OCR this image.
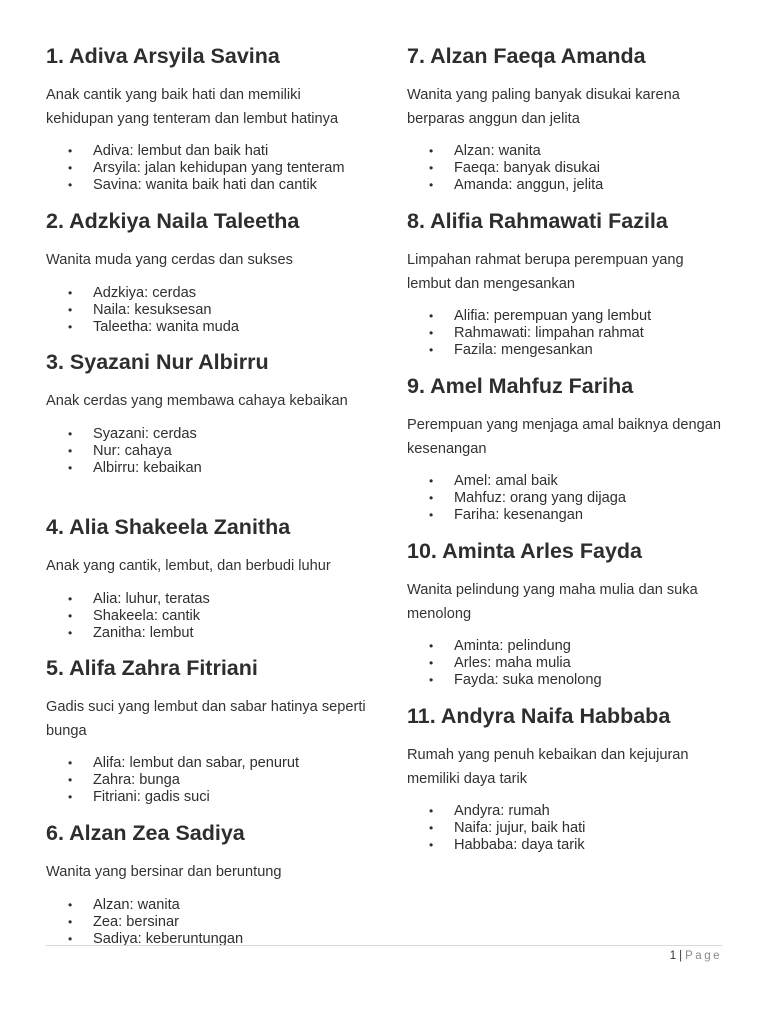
1. Adiva Arsyila Savina

Anak cantik yang baik hati dan memiliki kehidupan yang tenteram dan lembut hatinya

• Adiva: lembut dan baik hati
• Arsyila: jalan kehidupan yang tenteram
• Savina: wanita baik hati dan cantik
2. Adzkiya Naila Taleetha

Wanita muda yang cerdas dan sukses

• Adzkiya: cerdas
• Naila: kesuksesan
• Taleetha: wanita muda
3. Syazani Nur Albirru

Anak cerdas yang membawa cahaya kebaikan

• Syazani: cerdas
• Nur: cahaya
• Albirru: kebaikan
4. Alia Shakeela Zanitha

Anak yang cantik, lembut, dan berbudi luhur

• Alia: luhur, teratas
• Shakeela: cantik
• Zanitha: lembut
5. Alifa Zahra Fitriani

Gadis suci yang lembut dan sabar hatinya seperti bunga

• Alifa: lembut dan sabar, penurut
• Zahra: bunga
• Fitriani: gadis suci
6. Alzan Zea Sadiya

Wanita yang bersinar dan beruntung

• Alzan: wanita
• Zea: bersinar
• Sadiya: keberuntungan
7. Alzan Faeqa Amanda

Wanita yang paling banyak disukai karena berparas anggun dan jelita

• Alzan: wanita
• Faeqa: banyak disukai
• Amanda: anggun, jelita
8. Alifia Rahmawati Fazila

Limpahan rahmat berupa perempuan yang lembut dan mengesankan

• Alifia: perempuan yang lembut
• Rahmawati: limpahan rahmat
• Fazila: mengesankan
9. Amel Mahfuz Fariha

Perempuan yang menjaga amal baiknya dengan kesenangan

• Amel: amal baik
• Mahfuz: orang yang dijaga
• Fariha: kesenangan
10. Aminta Arles Fayda

Wanita pelindung yang maha mulia dan suka menolong

• Aminta: pelindung
• Arles: maha mulia
• Fayda: suka menolong
11. Andyra Naifa Habbaba

Rumah yang penuh kebaikan dan kejujuran memiliki daya tarik

• Andyra: rumah
• Naifa: jujur, baik hati
• Habbaba: daya tarik
1 | Page
